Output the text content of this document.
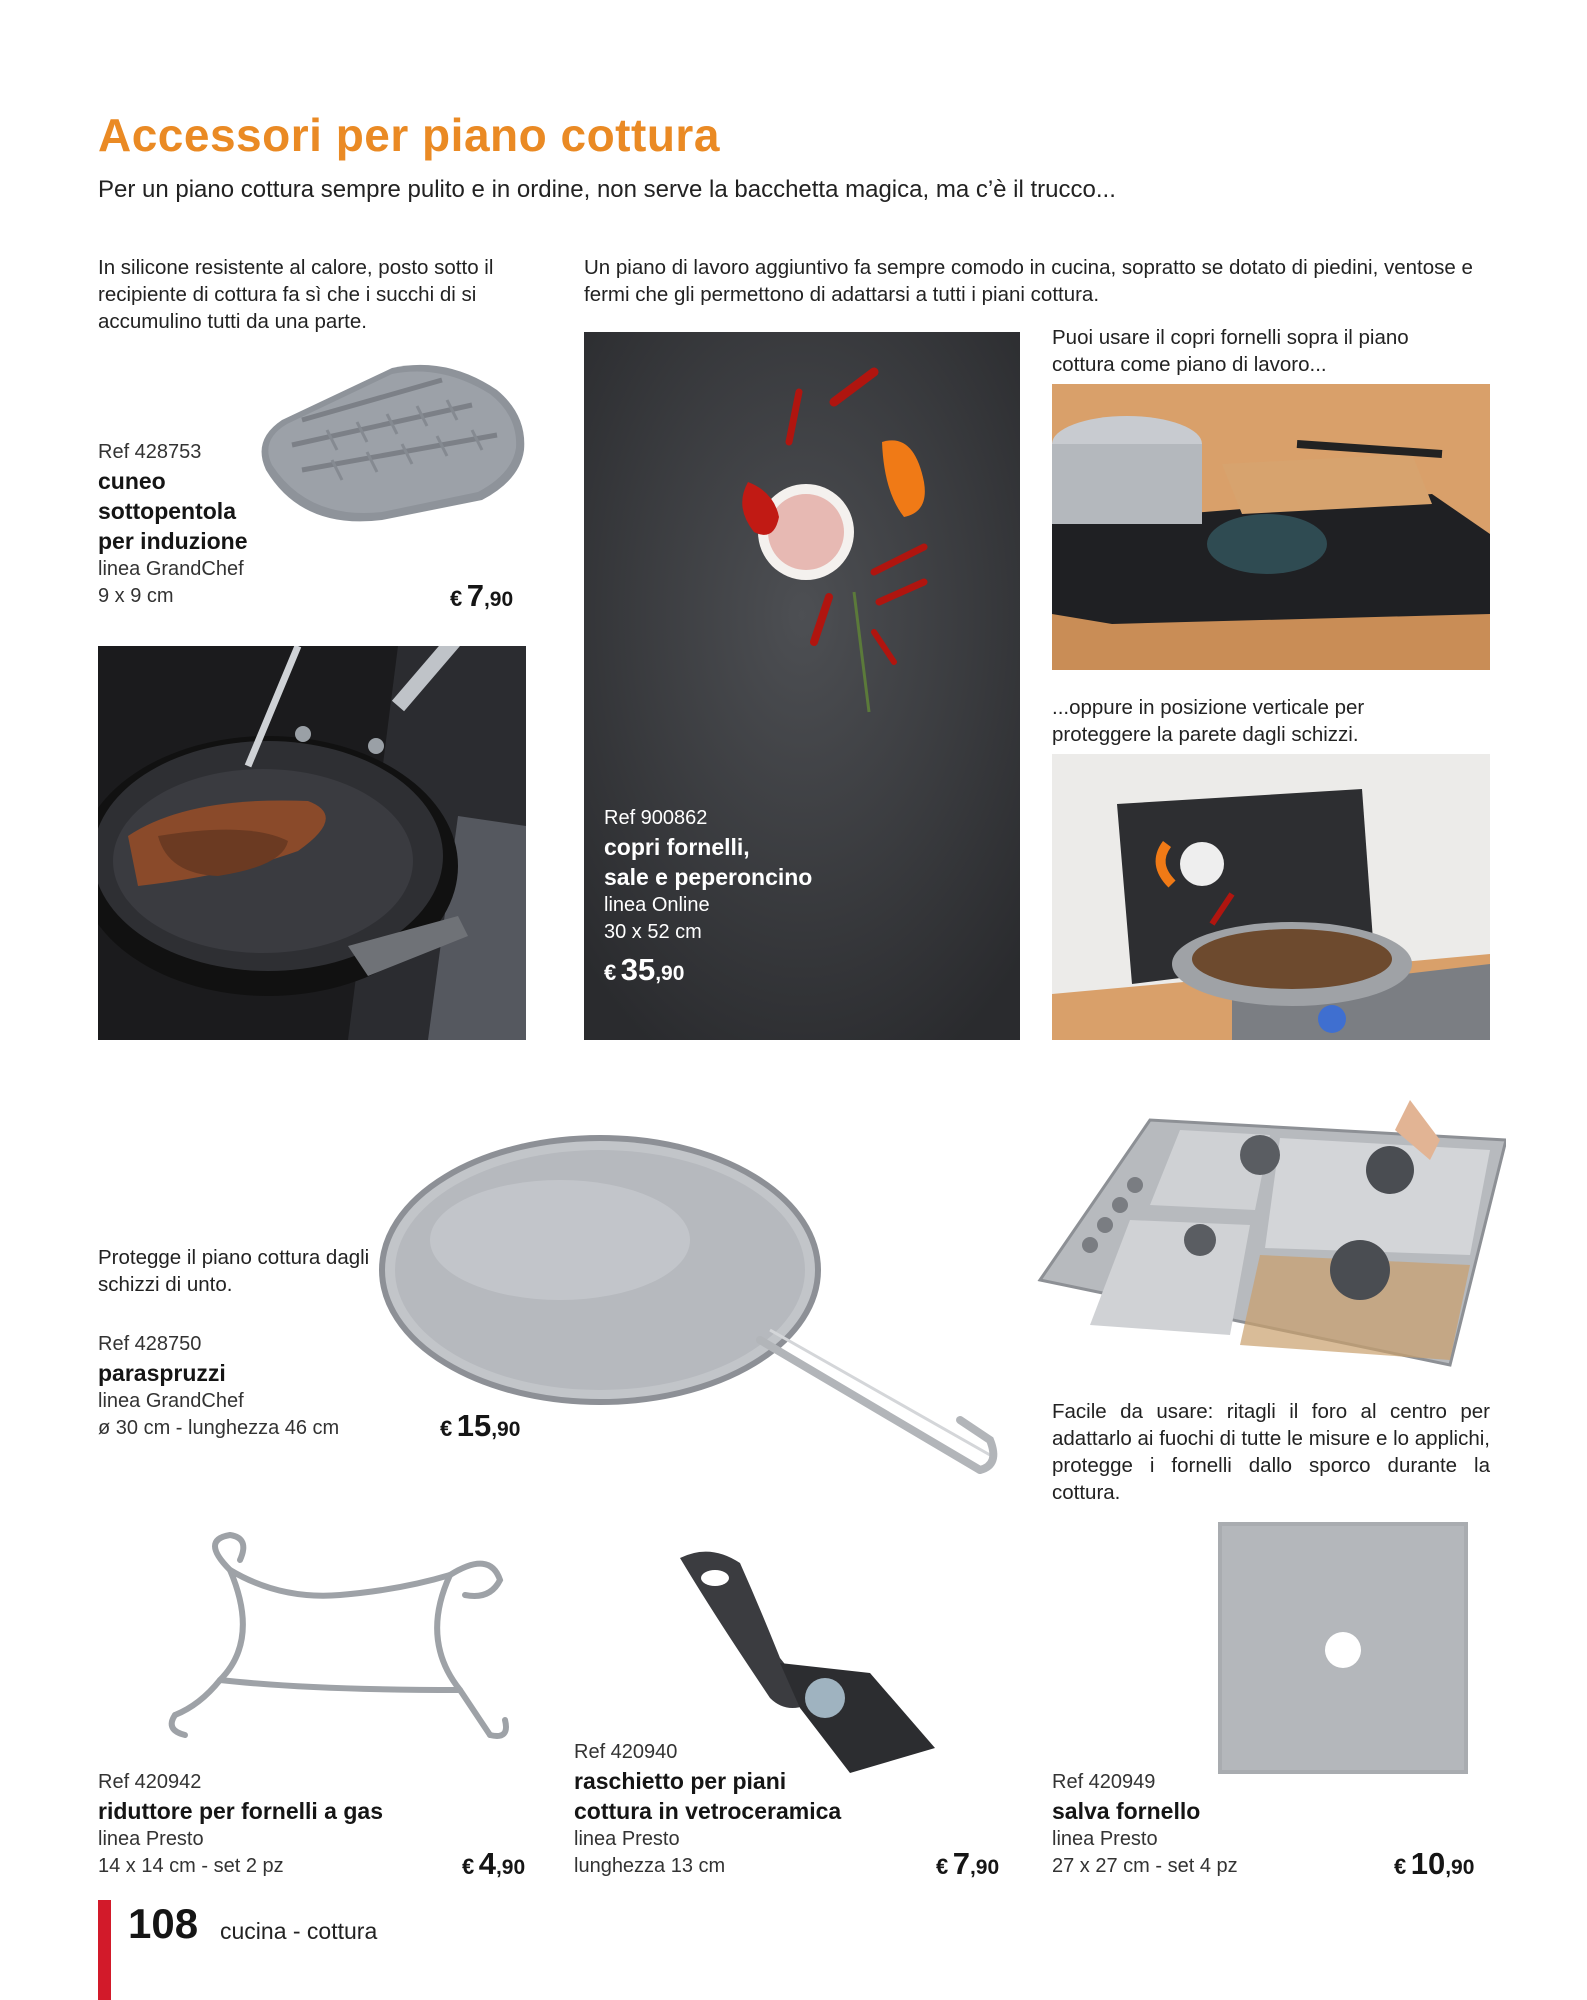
Accessori per piano cottura
Per un piano cottura sempre pulito e in ordine, non serve la bacchetta magica, ma c’è il trucco...
In silicone resistente al calore, posto sotto il recipiente di cottura fa sì che i succhi di si accumulino tutti da una parte.
Un piano di lavoro aggiuntivo fa sempre comodo in cucina, soprattо se dotato di piedini, ventose e fermi che gli permettono di adattarsi a tutti i piani cottura.
Ref 428753
cuneo
sottopentola
per induzione
linea GrandChef
9 x 9 cm	€ 7,90
Ref 900862
copri fornelli,
sale e peperoncino
linea Online
30 x 52 cm
€ 35,90
Puoi usare il copri fornelli sopra il piano cottura come piano di lavoro...
...oppure in posizione verticale per proteggere la parete dagli schizzi.
Protegge il piano cottura dagli schizzi di unto.
Ref 428750
paraspruzzi
linea GrandChef
ø 30 cm - lunghezza 46 cm	€ 15,90
Facile da usare: ritagli il foro al centro per adattarlo ai fuochi di tutte le misure e lo applichi, protegge i fornelli dallo sporco durante la cottura.
Ref 420942
riduttore per fornelli a gas
linea Presto
14 x 14 cm - set 2 pz	€ 4,90
Ref 420940
raschietto per piani
cottura in vetroceramica
linea Presto
lunghezza 13 cm	€ 7,90
Ref 420949
salva fornello
linea Presto
27 x 27 cm - set 4 pz	€ 10,90
108 cucina - cottura
